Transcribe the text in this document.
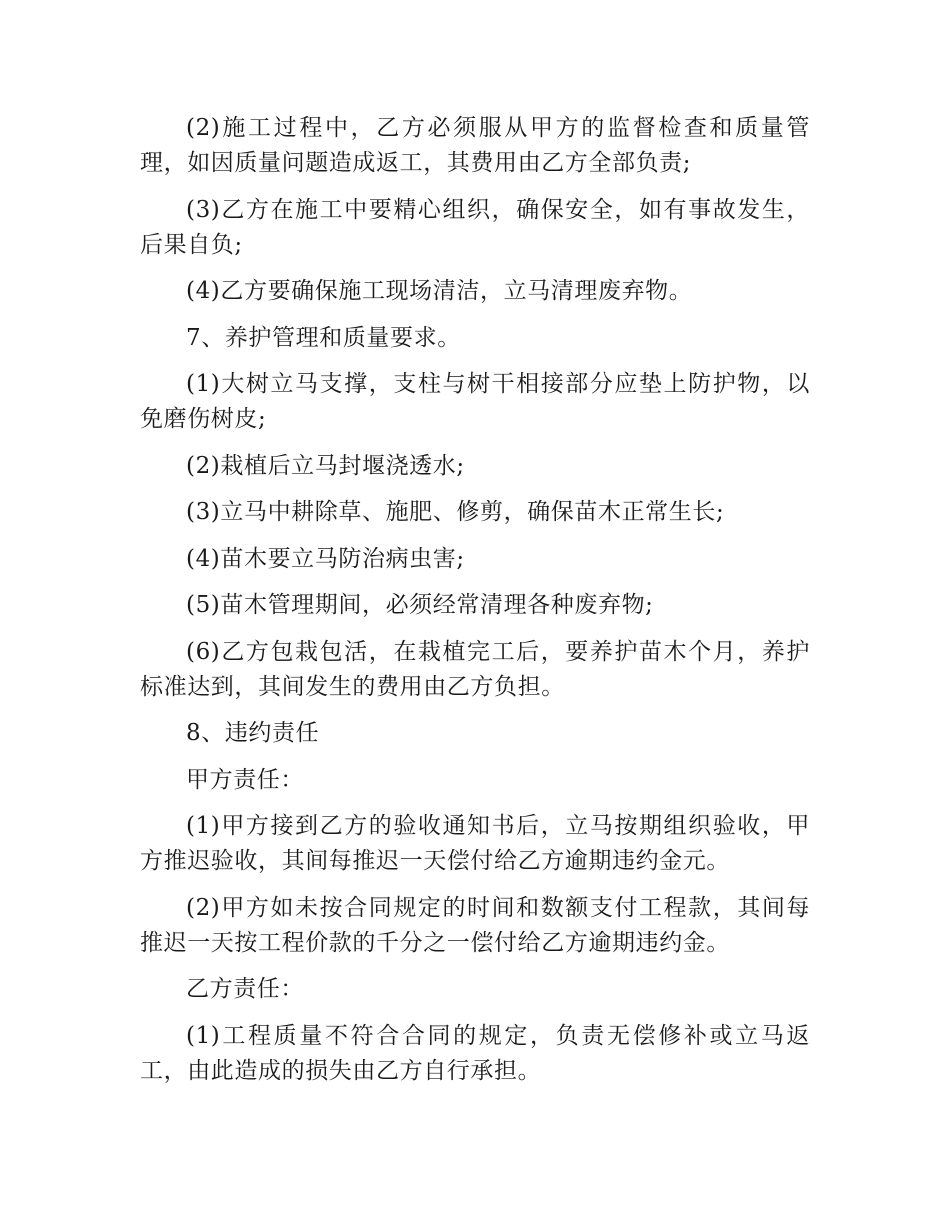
(2)施工过程中，乙方必须服从甲方的监督检查和质量管理，如因质量问题造成返工，其费用由乙方全部负责;

(3)乙方在施工中要精心组织，确保安全，如有事故发生，后果自负;

(4)乙方要确保施工现场清洁，立马清理废弃物。

7、养护管理和质量要求。

(1)大树立马支撑，支柱与树干相接部分应垫上防护物，以免磨伤树皮;

(2)栽植后立马封堰浇透水;

(3)立马中耕除草、施肥、修剪，确保苗木正常生长;

(4)苗木要立马防治病虫害;

(5)苗木管理期间，必须经常清理各种废弃物;

(6)乙方包栽包活，在栽植完工后，要养护苗木个月，养护标准达到，其间发生的费用由乙方负担。

8、违约责任

甲方责任：

(1)甲方接到乙方的验收通知书后，立马按期组织验收，甲方推迟验收，其间每推迟一天偿付给乙方逾期违约金元。

(2)甲方如未按合同规定的时间和数额支付工程款，其间每推迟一天按工程价款的千分之一偿付给乙方逾期违约金。

乙方责任：

(1)工程质量不符合合同的规定，负责无偿修补或立马返工，由此造成的损失由乙方自行承担。
